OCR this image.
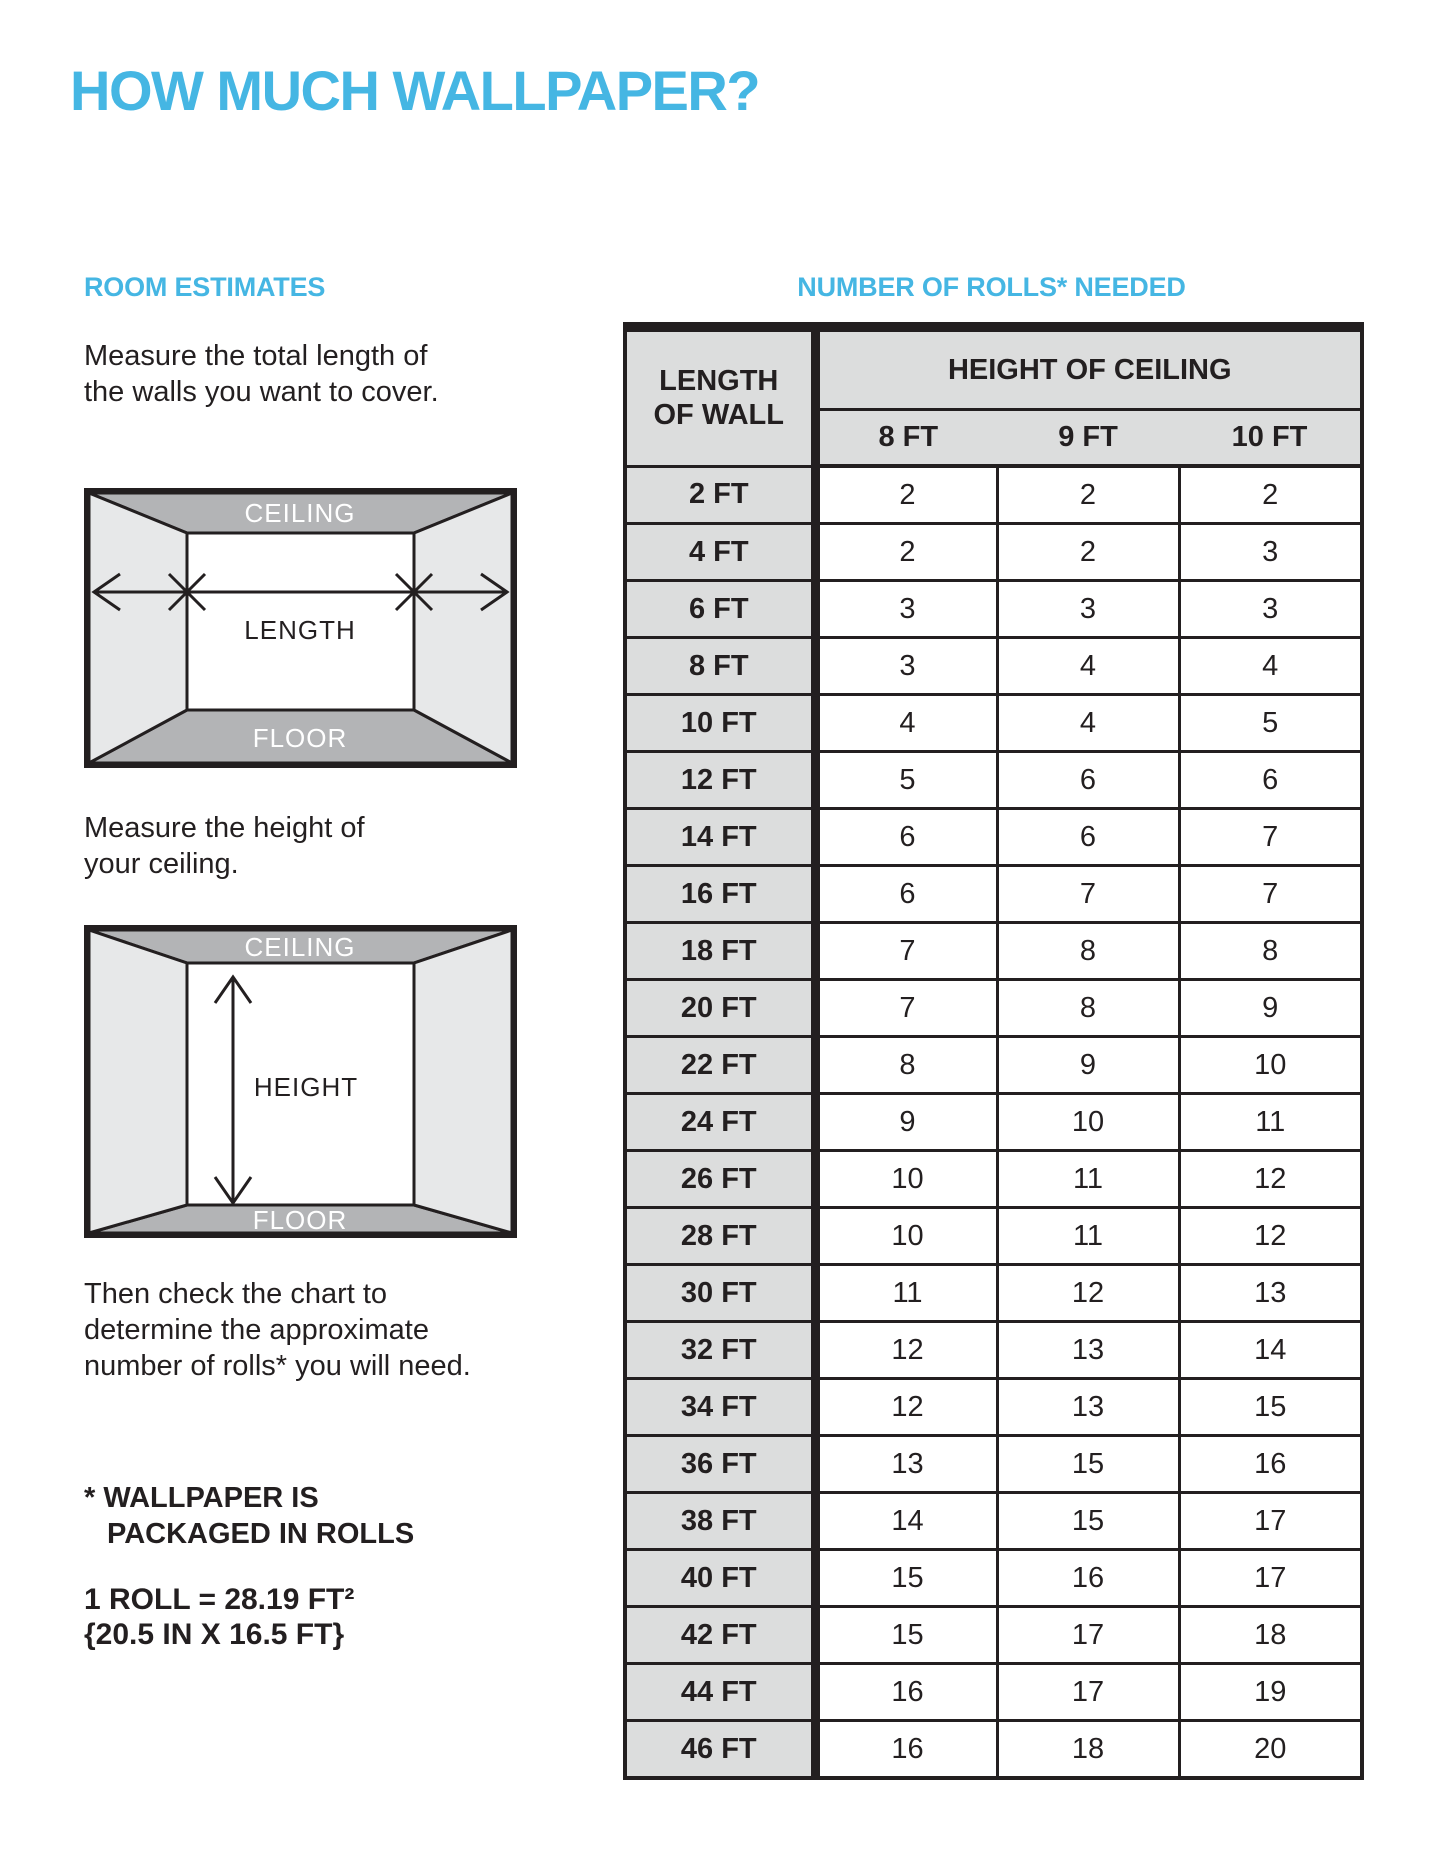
HOW MUCH WALLPAPER?
ROOM ESTIMATES	NUMBER OF ROLLS* NEEDED

Measure the total length of
the walls you want to cover.

CEILING
FLOOR
LENGTH

Measure the height of
your ceiling.

CEILING
FLOOR
HEIGHT

Then check the chart to
determine the approximate
number of rolls* you will need.

* WALLPAPER IS
PACKAGED IN ROLLS

1 ROLL = 28.19 FT²
{20.5 IN X 16.5 FT}

LENGTH
OF WALL	HEIGHT OF CEILING		
	8 FT	9 FT	10 FT
2 FT	2	2	2
4 FT	2	2	3
6 FT	3	3	3
8 FT	3	4	4
10 FT	4	4	5
12 FT	5	6	6
14 FT	6	6	7
16 FT	6	7	7
18 FT	7	8	8
20 FT	7	8	9
22 FT	8	9	10
24 FT	9	10	11
26 FT	10	11	12
28 FT	10	11	12
30 FT	11	12	13
32 FT	12	13	14
34 FT	12	13	15
36 FT	13	15	16
38 FT	14	15	17
40 FT	15	16	17
42 FT	15	17	18
44 FT	16	17	19
46 FT	16	18	20
